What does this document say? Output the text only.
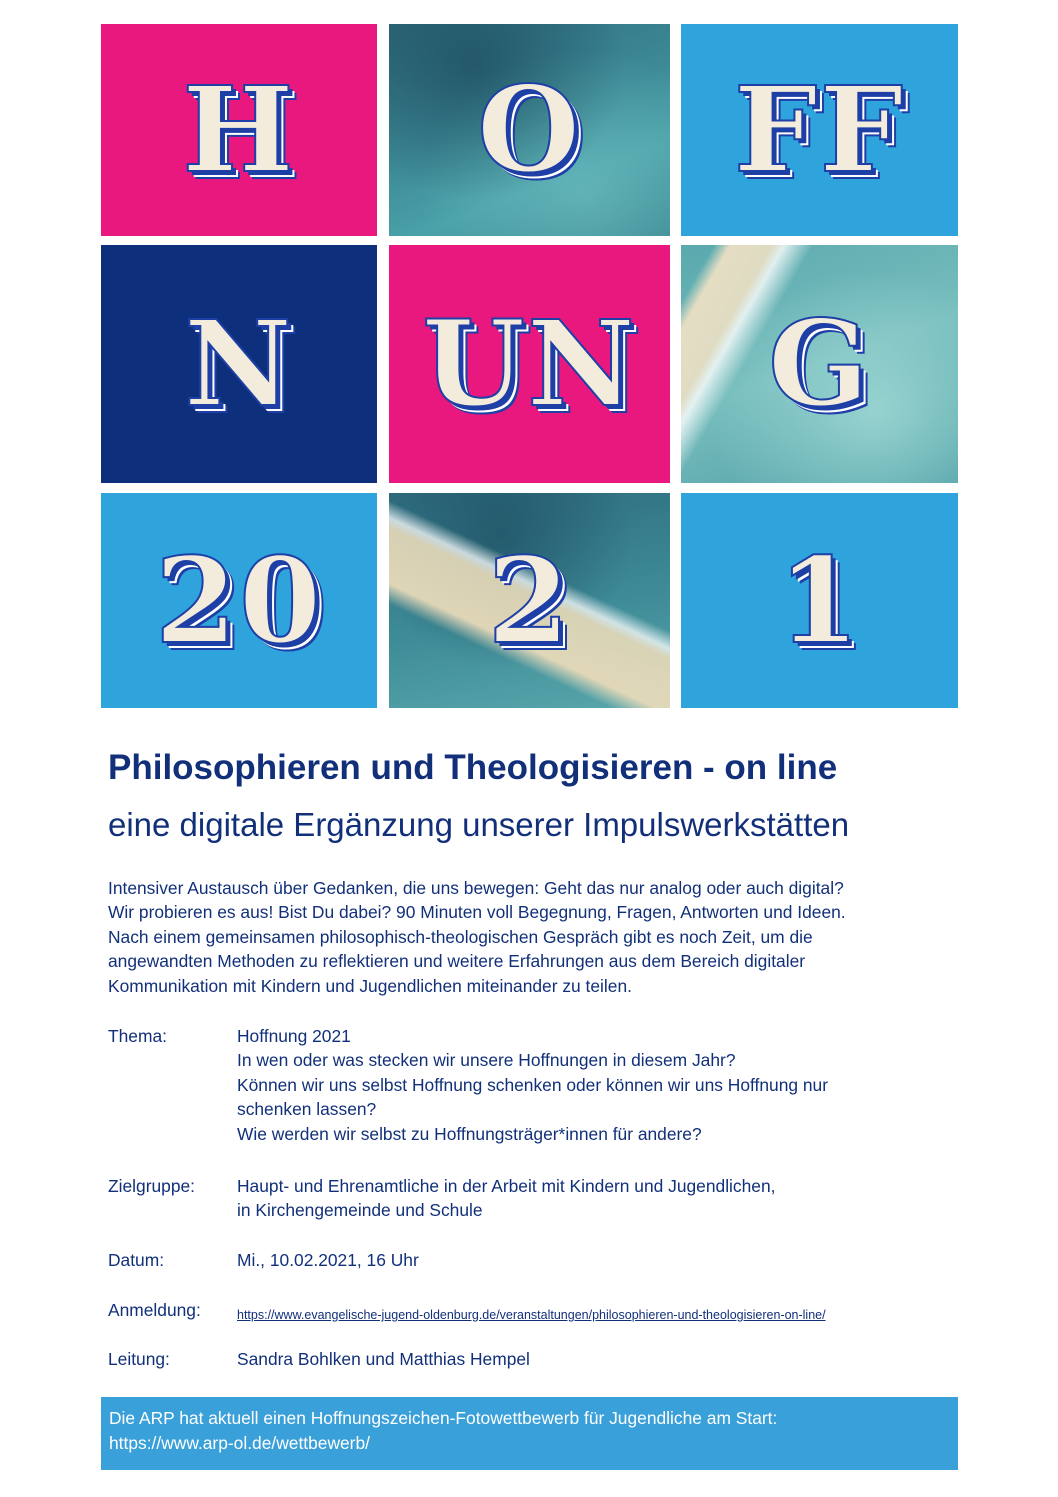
H O FF
N UN G
20 2 1
Philosophieren und Theologisieren - on line
eine digitale Ergänzung unserer Impulswerkstätten
Intensiver Austausch über Gedanken, die uns bewegen: Geht das nur analog oder auch digital?
Wir probieren es aus! Bist Du dabei? 90 Minuten voll Begegnung, Fragen, Antworten und Ideen.
Nach einem gemeinsamen philosophisch-theologischen Gespräch gibt es noch Zeit, um die
angewandten Methoden zu reflektieren und weitere Erfahrungen aus dem Bereich digitaler
Kommunikation mit Kindern und Jugendlichen miteinander zu teilen.
Thema:	Hoffnung 2021
In wen oder was stecken wir unsere Hoffnungen in diesem Jahr?
Können wir uns selbst Hoffnung schenken oder können wir uns Hoffnung nur
schenken lassen?
Wie werden wir selbst zu Hoffnungsträger*innen für andere?
Zielgruppe: Haupt- und Ehrenamtliche in der Arbeit mit Kindern und Jugendlichen,
in Kirchengemeinde und Schule
Datum:	Mi., 10.02.2021, 16 Uhr
Anmeldung:	https://www.evangelische-jugend-oldenburg.de/veranstaltungen/philosophieren-und-theologisieren-on-line/
Leitung:	Sandra Bohlken und Matthias Hempel
Die ARP hat aktuell einen Hoffnungszeichen-Fotowettbewerb für Jugendliche am Start:
https://www.arp-ol.de/wettbewerb/
